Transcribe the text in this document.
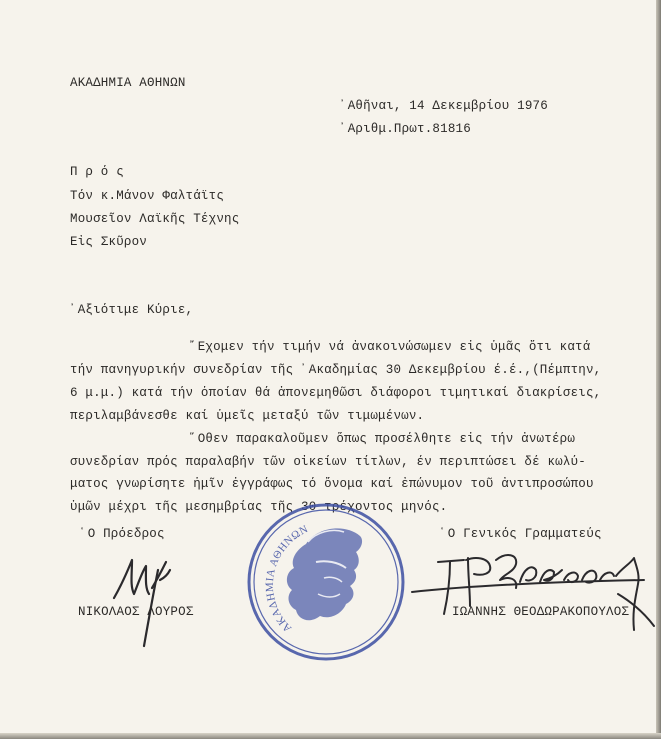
ΑΚΑΔΗΜΙΑ ΑΘΗΝΩΝ
᾿Αθῆναι, 14 Δεκεμβρίου 1976
᾿Αριθμ.Πρωτ.81816
Π ρ ό ς
Τόν κ.Μάνον Φαλτάϊτς
Μουσεῖον Λαϊκῆς Τέχνης
Εἰς Σκῦρον
᾿Αξιότιμε Κύριε,
῎Εχομεν τήν τιμήν νά ἀνακοινώσωμεν εἰς ὑμᾶς ὅτι κατά
τήν πανηγυρικήν συνεδρίαν τῆς ᾿Ακαδημίας 30 Δεκεμβρίου έ.έ.,(Πέμπτην,
6 μ.μ.) κατά τήν ὁποίαν θά ἀπονεμηθῶσι διάφοροι τιμητικαί διακρίσεις,
περιλαμβάνεσθε καί ὑμεῖς μεταξύ τῶν τιμωμένων.
῞Οθεν παρακαλοῦμεν ὅπως προσέλθητε εἰς τήν ἀνωτέρω
συνεδρίαν πρός παραλαβήν τῶν οἰκείων τίτλων, έν περιπτώσει δέ κωλύ-
ματος γνωρίσητε ἡμῖν ἐγγράφως τό ὄνομα καί ἐπώνυμον τοῦ ἀντιπροσώπου
ὑμῶν μέχρι τῆς μεσημβρίας τῆς 30 τρέχοντος μηνός.
῾Ο Πρόεδρος	῾Ο Γενικός Γραμματεύς
ΝΙΚΟΛΑΟΣ ΛΟΥΡΟΣ	ΙΩΑΝΝΗΣ ΘΕΟΔΩΡΑΚΟΠΟΥΛΟΣ
ΑΚΑΔΗΜΙΑ ΑΘΗΝΩΝ
